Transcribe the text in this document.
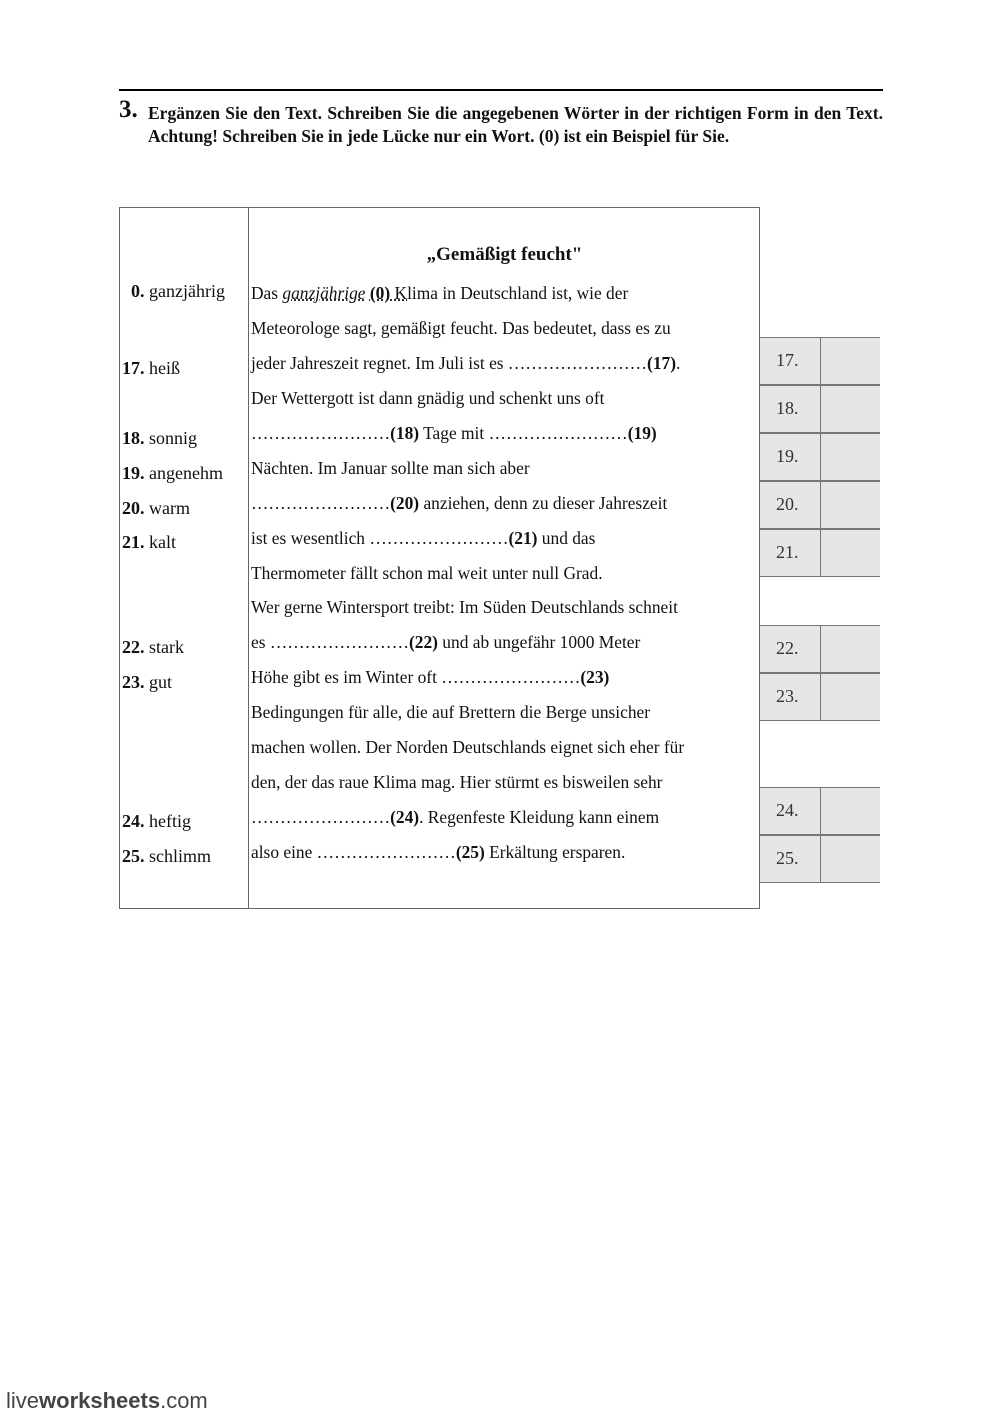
3. Ergänzen Sie den Text. Schreiben Sie die angegebenen Wörter in der richtigen Form in den Text. Achtung! Schreiben Sie in jede Lücke nur ein Wort. (0) ist ein Beispiel für Sie.
0. ganzjährig
17. heiß
18. sonnig
19. angenehm
20. warm
21. kalt
22. stark
23. gut
24. heftig
25. schlimm
„Gemäßigt feucht"
Das ganzjährige (0) Klima in Deutschland ist, wie der
Meteorologe sagt, gemäßigt feucht. Das bedeutet, dass es zu
jeder Jahreszeit regnet. Im Juli ist es ……………………(17).
Der Wettergott ist dann gnädig und schenkt uns oft
……………………(18) Tage mit ……………………(19)
Nächten. Im Januar sollte man sich aber
……………………(20) anziehen, denn zu dieser Jahreszeit
ist es wesentlich ……………………(21) und das
Thermometer fällt schon mal weit unter null Grad.
Wer gerne Wintersport treibt: Im Süden Deutschlands schneit
es ……………………(22) und ab ungefähr 1000 Meter
Höhe gibt es im Winter oft ……………………(23)
Bedingungen für alle, die auf Brettern die Berge unsicher
machen wollen. Der Norden Deutschlands eignet sich eher für
den, der das raue Klima mag. Hier stürmt es bisweilen sehr
……………………(24). Regenfeste Kleidung kann einem
also eine ……………………(25) Erkältung ersparen.
17.
18.
19.
20.
21.
22.
23.
24.
25.
liveworksheets.com
